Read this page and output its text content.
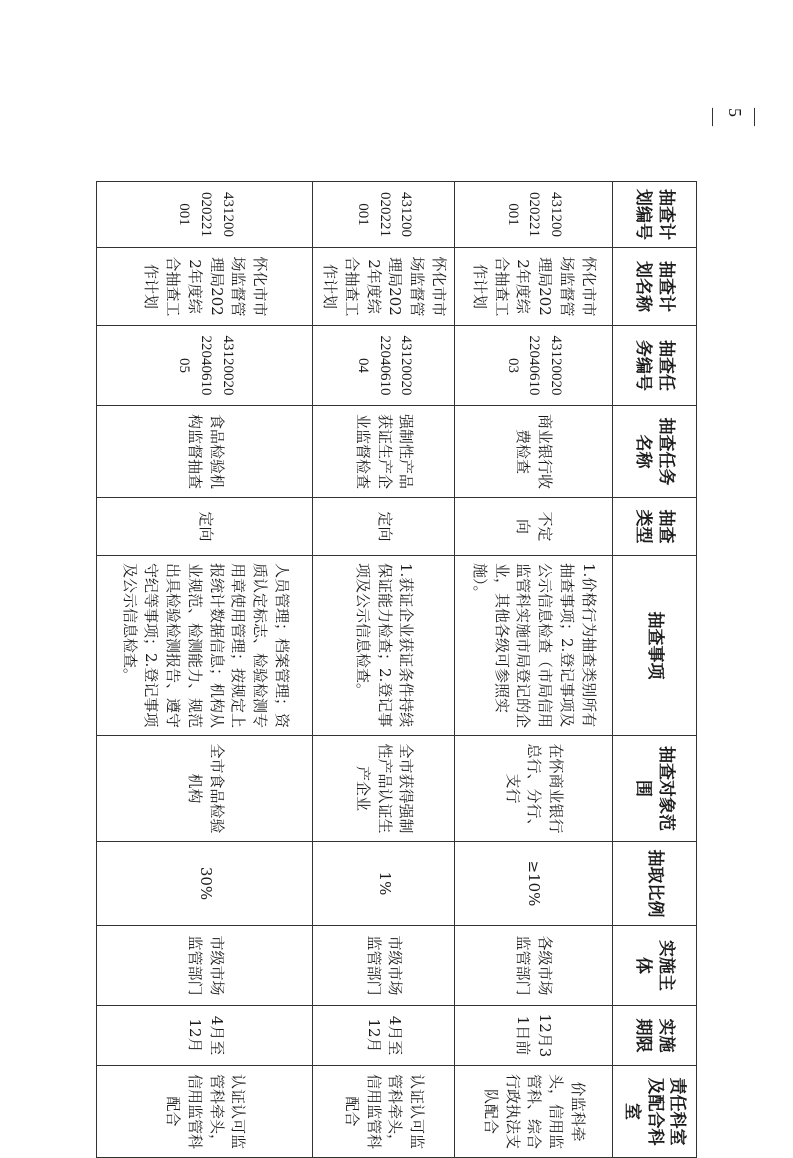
—5—
抽查计划编号	抽查计划名称	抽查任务编号	抽查任务名称	抽查类型	抽查事项	抽查对象范围	抽取比例	实施主体	实施期限	责任科室及配合科室
431200020221001	怀化市市场监督管理局2022年度综合抽查工作计划	431200202204061003	商业银行收费检查	不定向	1.价格行为抽查类别所有抽查事项；2.登记事项及公示信息检查（市局信用监管科实施市局登记的企业，其他各级可参照实施）。	在怀商业银行总行、分行、支行	≥10%	各级市场监管部门	12月31日前	价监科牵头，信用监管科、综合行政执法支队配合
431200020221001	怀化市市场监督管理局2022年度综合抽查工作计划	431200202204061004	强制性产品获证生产企业监督检查	定向	1.获证企业获证条件持续保证能力检查；2.登记事项及公示信息检查。	全市获得强制性产品认证生产企业	1%	市级市场监管部门	4月至12月	认证认可监管科牵头，信用监管科配合
431200020221001	怀化市市场监督管理局2022年度综合抽查工作计划	431200202204061005	食品检验机构监督抽查	定向	人员管理；档案管理；资质认定标志、检验检测专用章使用管理；按规定上报统计数据信息；机构从业规范、检测能力、规范出具检验检测报告、遵守守纪等事项；2.登记事项及公示信息检查。	全市食品检验机构	30%	市级市场监管部门	4月至12月	认证认可监管科牵头，信用监管科配合
